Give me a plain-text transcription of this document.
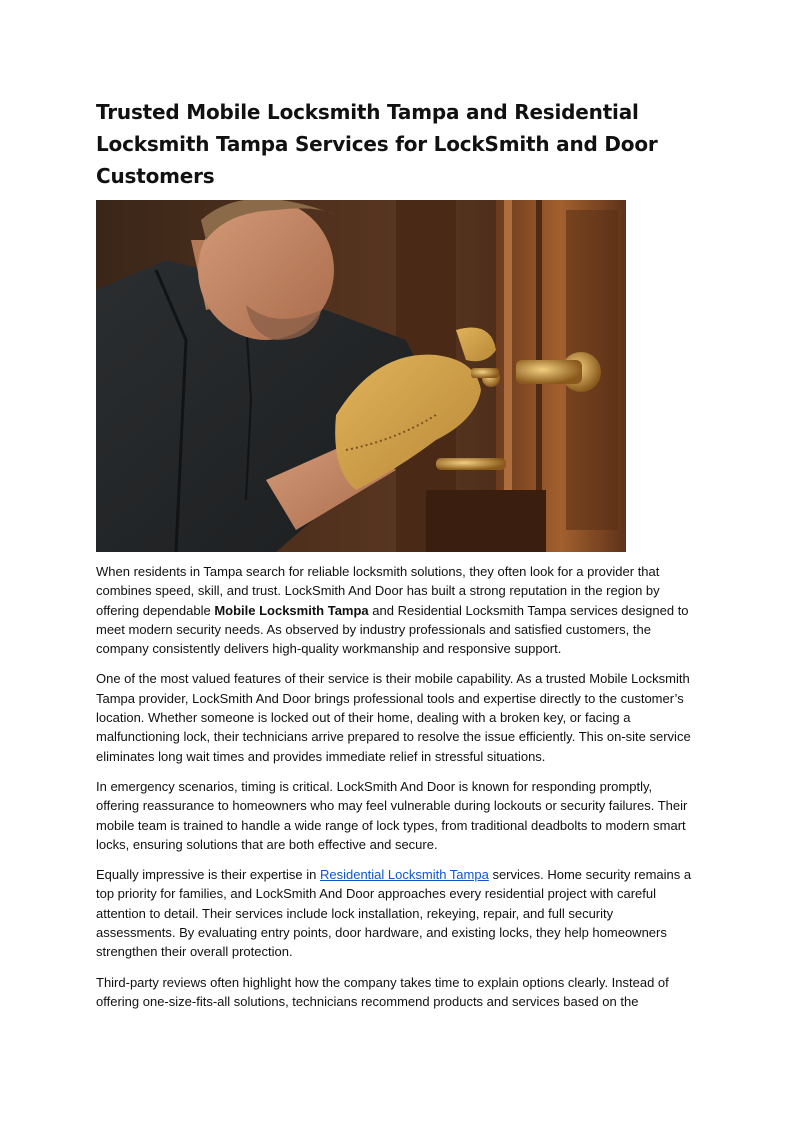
Trusted Mobile Locksmith Tampa and Residential Locksmith Tampa Services for LockSmith and Door Customers

When residents in Tampa search for reliable locksmith solutions, they often look for a provider that combines speed, skill, and trust. LockSmith And Door has built a strong reputation in the region by offering dependable Mobile Locksmith Tampa and Residential Locksmith Tampa services designed to meet modern security needs. As observed by industry professionals and satisfied customers, the company consistently delivers high-quality workmanship and responsive support.

One of the most valued features of their service is their mobile capability. As a trusted Mobile Locksmith Tampa provider, LockSmith And Door brings professional tools and expertise directly to the customer’s location. Whether someone is locked out of their home, dealing with a broken key, or facing a malfunctioning lock, their technicians arrive prepared to resolve the issue efficiently. This on-site service eliminates long wait times and provides immediate relief in stressful situations.

In emergency scenarios, timing is critical. LockSmith And Door is known for responding promptly, offering reassurance to homeowners who may feel vulnerable during lockouts or security failures. Their mobile team is trained to handle a wide range of lock types, from traditional deadbolts to modern smart locks, ensuring solutions that are both effective and secure.

Equally impressive is their expertise in Residential Locksmith Tampa services. Home security remains a top priority for families, and LockSmith And Door approaches every residential project with careful attention to detail. Their services include lock installation, rekeying, repair, and full security assessments. By evaluating entry points, door hardware, and existing locks, they help homeowners strengthen their overall protection.

Third-party reviews often highlight how the company takes time to explain options clearly. Instead of offering one-size-fits-all solutions, technicians recommend products and services based on the
